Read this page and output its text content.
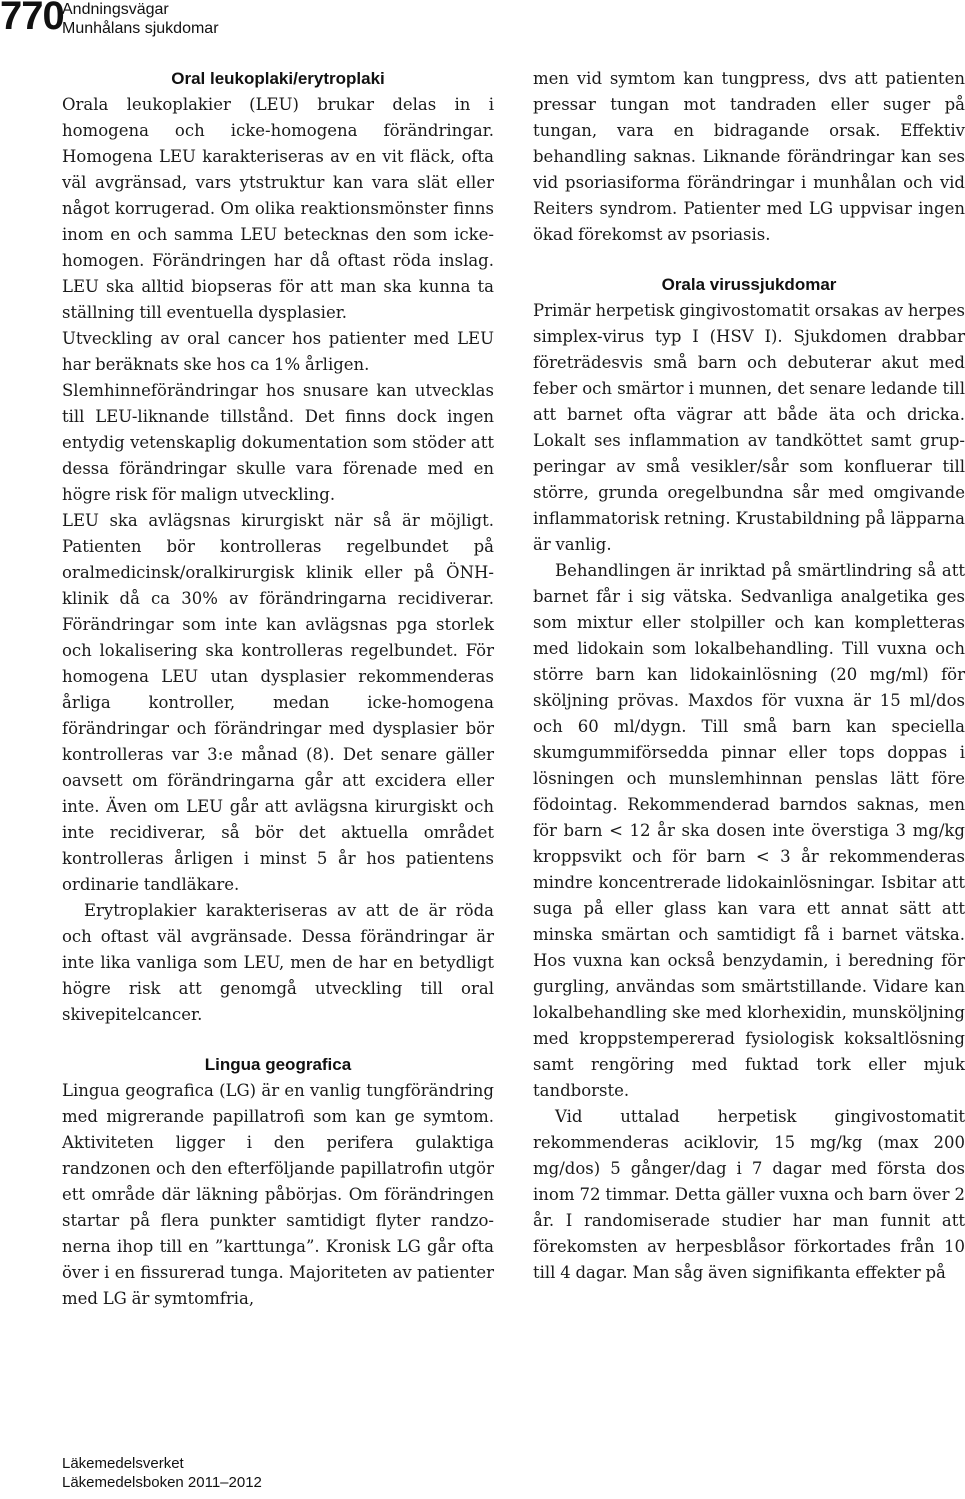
770
Andningsvägar
Munhålans sjukdomar
Oral leukoplaki/erytroplaki

Orala leukoplakier (LEU) brukar delas in i homogena och icke-homogena förändringar. Homogena LEU karakteriseras av en vit fläck, ofta väl avgränsad, vars ytstruktur kan vara slät eller något korrugerad. Om olika reaktionsmönster finns inom en och samma LEU betecknas den som icke-homogen. Förändringen har då oftast röda inslag. LEU ska alltid biopseras för att man ska kunna ta ställning till eventuella dysplasier.

Utveckling av oral cancer hos patienter med LEU har beräknats ske hos ca 1% årligen.

Slemhinneförändringar hos snusare kan utvecklas till LEU-liknande tillstånd. Det finns dock ingen entydig vetenskaplig dokumentation som stöder att dessa förändringar skulle vara förenade med en högre risk för malign utveckling.

LEU ska avlägsnas kirurgiskt när så är möjligt. Patienten bör kontrolleras regelbundet på oralmedicinsk/oralkirurgisk klinik eller på ÖNH-klinik då ca 30% av förändringarna recidiverar. Förändringar som inte kan avlägsnas pga storlek och lokalisering ska kontrolleras regelbundet. För homogena LEU utan dysplasier rekommenderas årliga kontroller, medan icke-homogena förändringar och förändringar med dysplasier bör kontrolleras var 3:e månad (8). Det senare gäller oavsett om förändringarna går att excidera eller inte. Även om LEU går att avlägsna kirurgiskt och inte recidiverar, så bör det aktuella området kontrolleras årligen i minst 5 år hos patientens ordinarie tandläkare.

Erytroplakier karakteriseras av att de är röda och oftast väl avgränsade. Dessa förändringar är inte lika vanliga som LEU, men de har en betydligt högre risk att genomgå utveckling till oral skivepitelcancer.

Lingua geografica

Lingua geografica (LG) är en vanlig tungförändring med migrerande papillatrofi som kan ge symtom. Aktiviteten ligger i den perifera gulaktiga randzonen och den efterföljande papillatrofin utgör ett område där läkning påbörjas. Om förändringen startar på flera punkter samtidigt flyter randzonerna ihop till en ”karttunga”. Kronisk LG går ofta över i en fissurerad tunga. Majoriteten av patienter med LG är symtomfria,

men vid symtom kan tungpress, dvs att patienten pressar tungan mot tandraden eller suger på tungan, vara en bidragande orsak. Effektiv behandling saknas. Liknande förändringar kan ses vid psoriasiforma förändringar i munhålan och vid Reiters syndrom. Patienter med LG uppvisar ingen ökad förekomst av psoriasis.

Orala virussjukdomar

Primär herpetisk gingivostomatit orsakas av herpes simplex-virus typ I (HSV I). Sjukdomen drabbar företrädesvis små barn och debuterar akut med feber och smärtor i munnen, det senare ledande till att barnet ofta vägrar att både äta och dricka. Lokalt ses inflammation av tandköttet samt grupperingar av små vesikler/sår som konfluerar till större, grunda oregelbundna sår med omgivande inflammatorisk retning. Krustabildning på läpparna är vanlig.

Behandlingen är inriktad på smärtlindring så att barnet får i sig vätska. Sedvanliga analgetika ges som mixtur eller stolpiller och kan kompletteras med lidokain som lokalbehandling. Till vuxna och större barn kan lidokainlösning (20 mg/ml) för sköljning prövas. Maxdos för vuxna är 15 ml/dos och 60 ml/dygn. Till små barn kan speciella skumgummiförsedda pinnar eller tops doppas i lösningen och munslemhinnan penslas lätt före födointag. Rekommenderad barndos saknas, men för barn < 12 år ska dosen inte överstiga 3 mg/kg kroppsvikt och för barn < 3 år rekommenderas mindre koncentrerade lidokainlösningar. Isbitar att suga på eller glass kan vara ett annat sätt att minska smärtan och samtidigt få i barnet vätska. Hos vuxna kan också benzydamin, i beredning för gurgling, användas som smärtstillande. Vidare kan lokalbehandling ske med klorhexidin, munsköljning med kroppstempererad fysiologisk koksaltlösning samt rengöring med fuktad tork eller mjuk tandborste.

Vid uttalad herpetisk gingivostomatit rekommenderas aciklovir, 15 mg/kg (max 200 mg/dos) 5 gånger/dag i 7 dagar med första dos inom 72 timmar. Detta gäller vuxna och barn över 2 år. I randomiserade studier har man funnit att förekomsten av herpesblåsor förkortades från 10 till 4 dagar. Man såg även signifikanta effekter på

Läkemedelsverket
Läkemedelsboken 2011–2012
